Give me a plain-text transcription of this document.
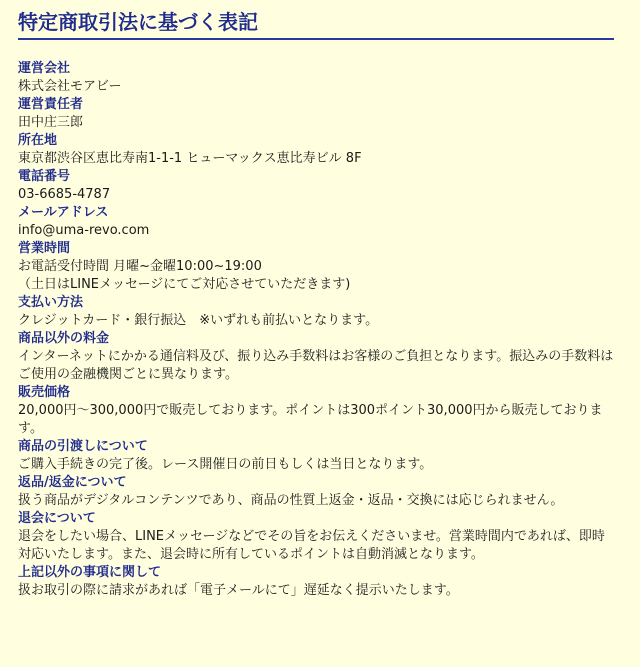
特定商取引法に基づく表記
運営会社
株式会社モアビー
運営責任者
田中庄三郎
所在地
東京都渋谷区恵比寿南1-1-1 ヒューマックス恵比寿ビル 8F
電話番号
03-6685-4787
メールアドレス
info@uma-revo.com
営業時間
お電話受付時間 月曜~金曜10:00~19:00
（土日はLINEメッセージにてご対応させていただきます)
支払い方法
クレジットカード・銀行振込　※いずれも前払いとなります。
商品以外の料金
インターネットにかかる通信料及び、振り込み手数料はお客様のご負担となります。振込みの手数料はご使用の金融機関ごとに異なります。
販売価格
20,000円〜300,000円で販売しております。ポイントは300ポイント30,000円から販売しております。
商品の引渡しについて
ご購入手続きの完了後。レース開催日の前日もしくは当日となります。
返品/返金について
扱う商品がデジタルコンテンツであり、商品の性質上返金・返品・交換には応じられません。
退会について
退会をしたい場合、LINEメッセージなどでその旨をお伝えくださいませ。営業時間内であれば、即時対応いたします。また、退会時に所有しているポイントは自動消滅となります。
上記以外の事項に関して
扱お取引の際に請求があれば「電子メールにて」遅延なく提示いたします。
